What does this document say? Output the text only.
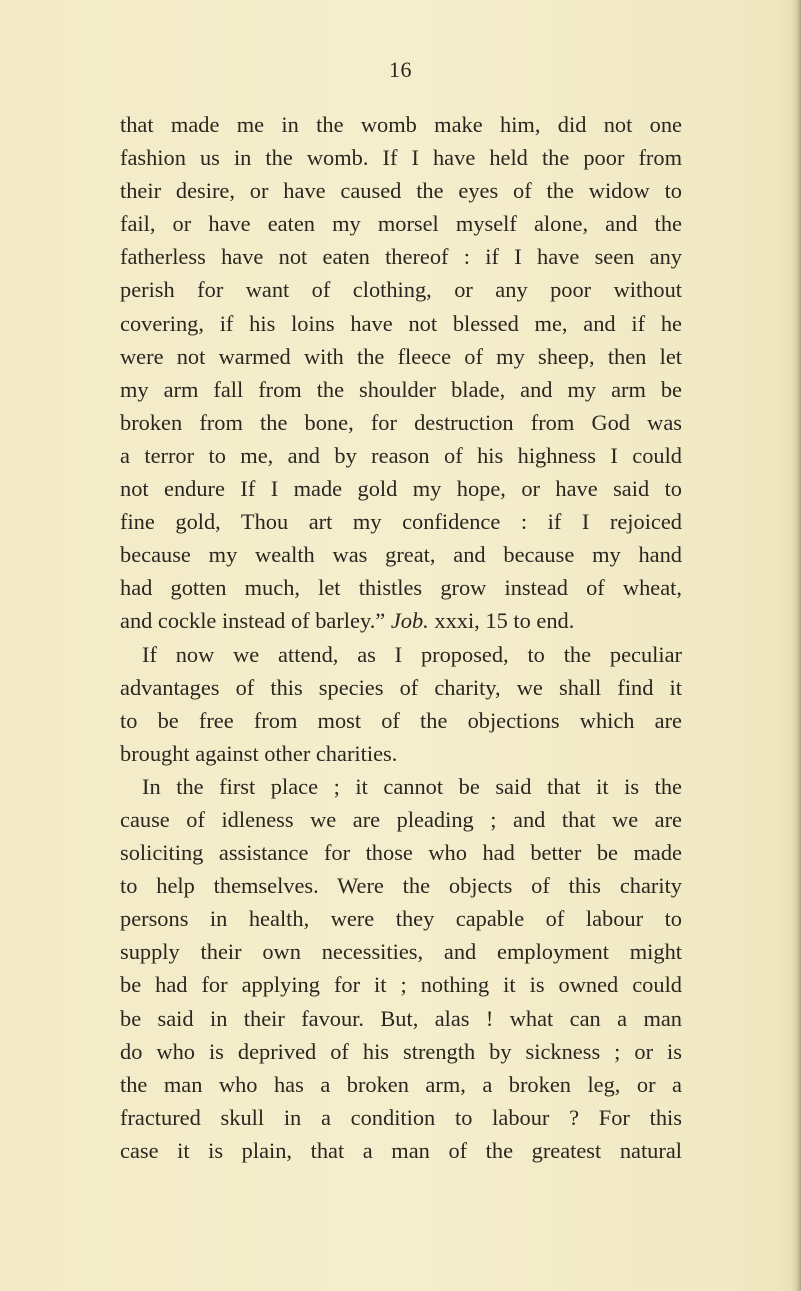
16

that made me in the womb make him, did not one

fashion us in the womb. If I have held the poor from

their desire, or have caused the eyes of the widow to

fail, or have eaten my morsel myself alone, and the

fatherless have not eaten thereof : if I have seen any

perish for want of clothing, or any poor without

covering, if his loins have not blessed me, and if he

were not warmed with the fleece of my sheep, then let

my arm fall from the shoulder blade, and my arm be

broken from the bone, for destruction from God was

a terror to me, and by reason of his highness I could

not endure If I made gold my hope, or have said to

fine gold, Thou art my confidence : if I rejoiced

because my wealth was great, and because my hand

had gotten much, let thistles grow instead of wheat,

and cockle instead of barley.” Job. xxxi, 15 to end.

If now we attend, as I proposed, to the peculiar

advantages of this species of charity, we shall find it

to be free from most of the objections which are

brought against other charities.

In the first place ; it cannot be said that it is the

cause of idleness we are pleading ; and that we are

soliciting assistance for those who had better be made

to help themselves. Were the objects of this charity

persons in health, were they capable of labour to

supply their own necessities, and employment might

be had for applying for it ; nothing it is owned could

be said in their favour. But, alas ! what can a man

do who is deprived of his strength by sickness ; or is

the man who has a broken arm, a broken leg, or a

fractured skull in a condition to labour ? For this

case it is plain, that a man of the greatest natural
